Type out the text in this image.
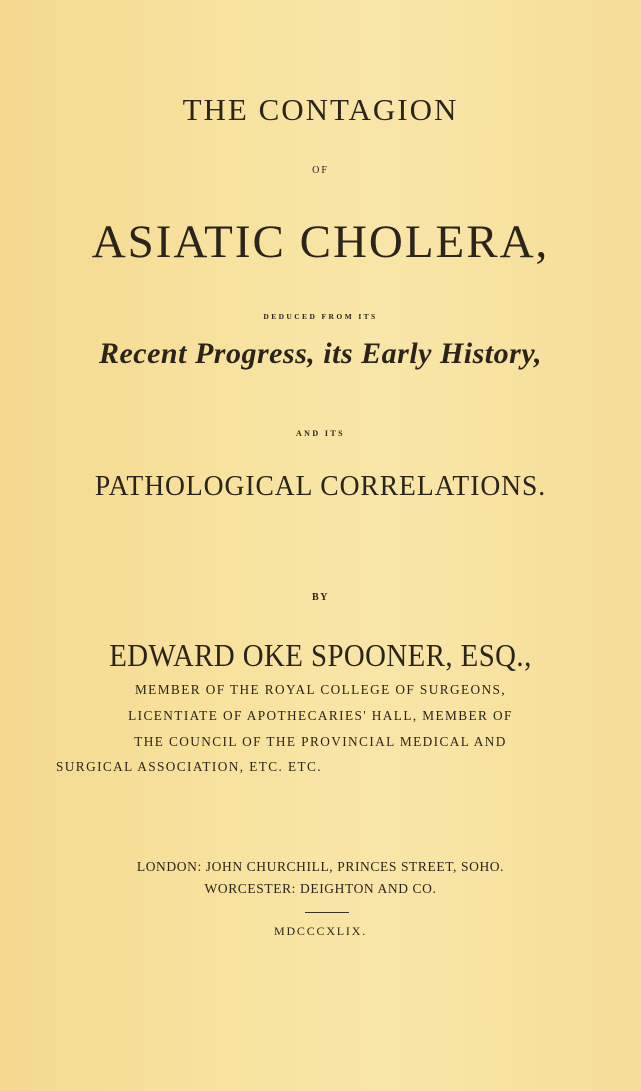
THE CONTAGION
OF
ASIATIC CHOLERA,
DEDUCED FROM ITS
Recent Progress, its Early History,
AND ITS
PATHOLOGICAL CORRELATIONS.
BY
EDWARD OKE SPOONER, ESQ.,
MEMBER OF THE ROYAL COLLEGE OF SURGEONS,
LICENTIATE OF APOTHECARIES' HALL, MEMBER OF
THE COUNCIL OF THE PROVINCIAL MEDICAL AND
SURGICAL ASSOCIATION, ETC. ETC.
LONDON: JOHN CHURCHILL, PRINCES STREET, SOHO.
WORCESTER: DEIGHTON AND CO.
MDCCCXLIX.
